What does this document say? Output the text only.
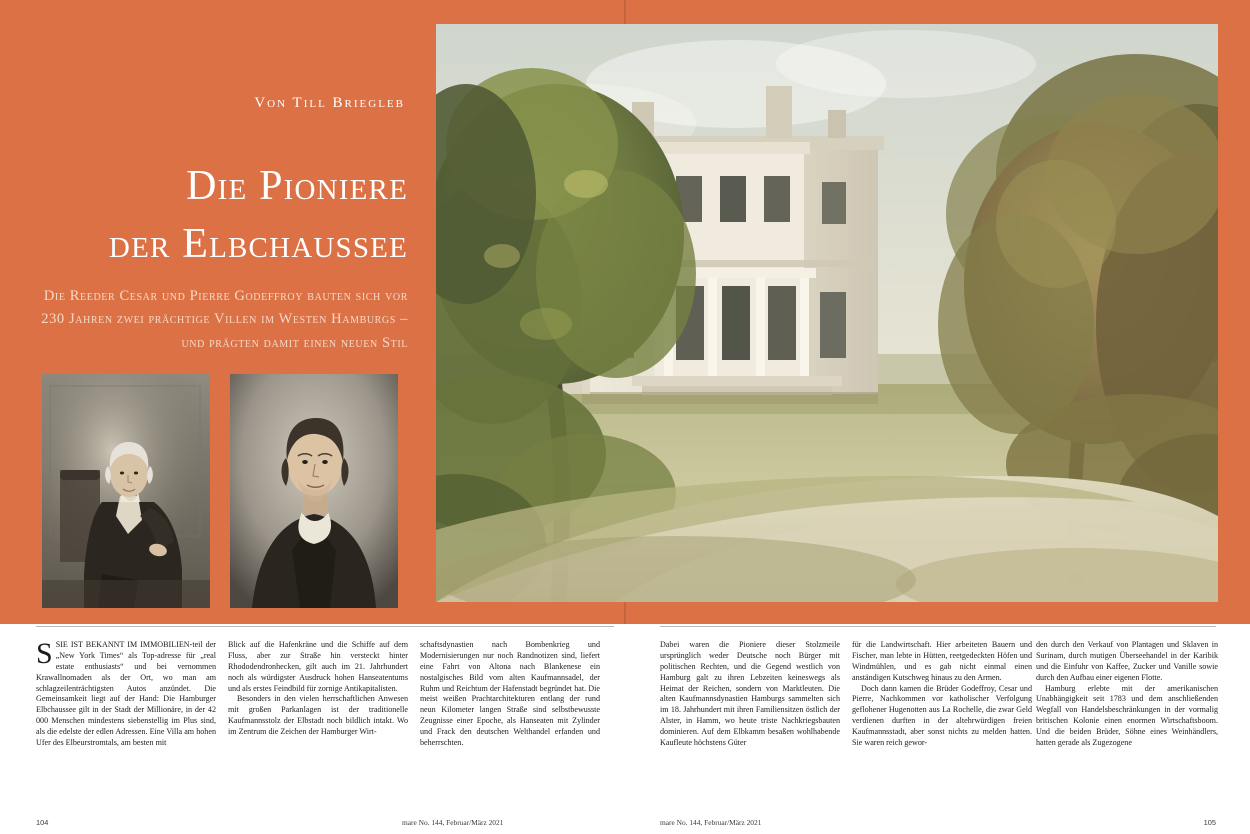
Von Till Briegleb
Die Pioniere
der Elbchaussee
Die Reeder Cesar und Pierre Godeffroy bauten sich vor 230 Jahren zwei prächtige Villen im Westen Hamburgs – und prägten damit einen neuen Stil

SSIE IST BEKANNT IM IMMOBILIEN-teil der „New York Times“ als Top-adresse für „real estate enthusiasts“ und bei vernommen Krawallnomaden als der Ort, wo man am schlagzeilenträchtigsten Autos anzündet. Die Gemeinsamkeit liegt auf der Hand: Die Hamburger Elbchaussee gilt in der Stadt der Millionäre, in der 42 000 Menschen mindestens siebenstellig im Plus sind, als die edelste der edlen Adressen. Eine Villa am hohen Ufer des Elbeurstromtals, am besten mit

Blick auf die Hafenkräne und die Schiffe auf dem Fluss, aber zur Straße hin versteckt hinter Rhododendronhecken, gilt auch im 21. Jahrhundert noch als würdigster Ausdruck hohen Hanseatentums und als erstes Feindbild für zornige Antikapitalisten.

Besonders in den vielen herrschaftlichen Anwesen mit großen Parkanlagen ist der traditionelle Kaufmannsstolz der Elbstadt noch bildlich intakt. Wo im Zentrum die Zeichen der Hamburger Wirt-

schaftsdynastien nach Bombenkrieg und Modernisierungen nur noch Randnotizen sind, liefert eine Fahrt von Altona nach Blankenese ein nostalgisches Bild vom alten Kaufmannsadel, der Ruhm und Reichtum der Hafenstadt begründet hat. Die meist weißen Prachtarchitekturen entlang der rund neun Kilometer langen Straße sind selbstbewusste Zeugnisse einer Epoche, als Hanseaten mit Zylinder und Frack den deutschen Welthandel erfanden und beherrschten.

Dabei waren die Pioniere dieser Stolzmeile ursprünglich weder Deutsche noch Bürger mit politischen Rechten, und die Gegend westlich von Hamburg galt zu ihren Lebzeiten keineswegs als Heimat der Reichen, sondern von Marktleuten. Die alten Kaufmannsdynastien Hamburgs sammelten sich im 18. Jahrhundert mit ihren Familiensitzen östlich der Alster, in Hamm, wo heute triste Nachkriegsbauten dominieren. Auf dem Elbkamm besaßen wohlhabende Kaufleute höchstens Güter

für die Landwirtschaft. Hier arbeiteten Bauern und Fischer, man lebte in Hütten, reetgedeckten Höfen und Windmühlen, und es gab nicht einmal einen anständigen Kutschweg hinaus zu den Armen.

Doch dann kamen die Brüder Godeffroy, Cesar und Pierre, Nachkommen vor katholischer Verfolgung geflohener Hugenotten aus La Rochelle, die zwar Geld verdienen durften in der altehrwürdigen freien Kaufmannsstadt, aber sonst nichts zu melden hatten. Sie waren reich gewor-

den durch den Verkauf von Plantagen und Sklaven in Surinam, durch mutigen Überseehandel in der Karibik und die Einfuhr von Kaffee, Zucker und Vanille sowie durch den Aufbau einer eigenen Flotte.

Hamburg erlebte mit der amerikanischen Unabhängigkeit seit 1783 und dem anschließenden Wegfall von Handelsbeschränkungen in der vormalig britischen Kolonie einen enormen Wirtschaftsboom. Und die beiden Brüder, Söhne eines Weinhändlers, hatten gerade als Zugezogene

104	105
mare No. 144, Februar/März 2021	mare No. 144, Februar/März 2021
